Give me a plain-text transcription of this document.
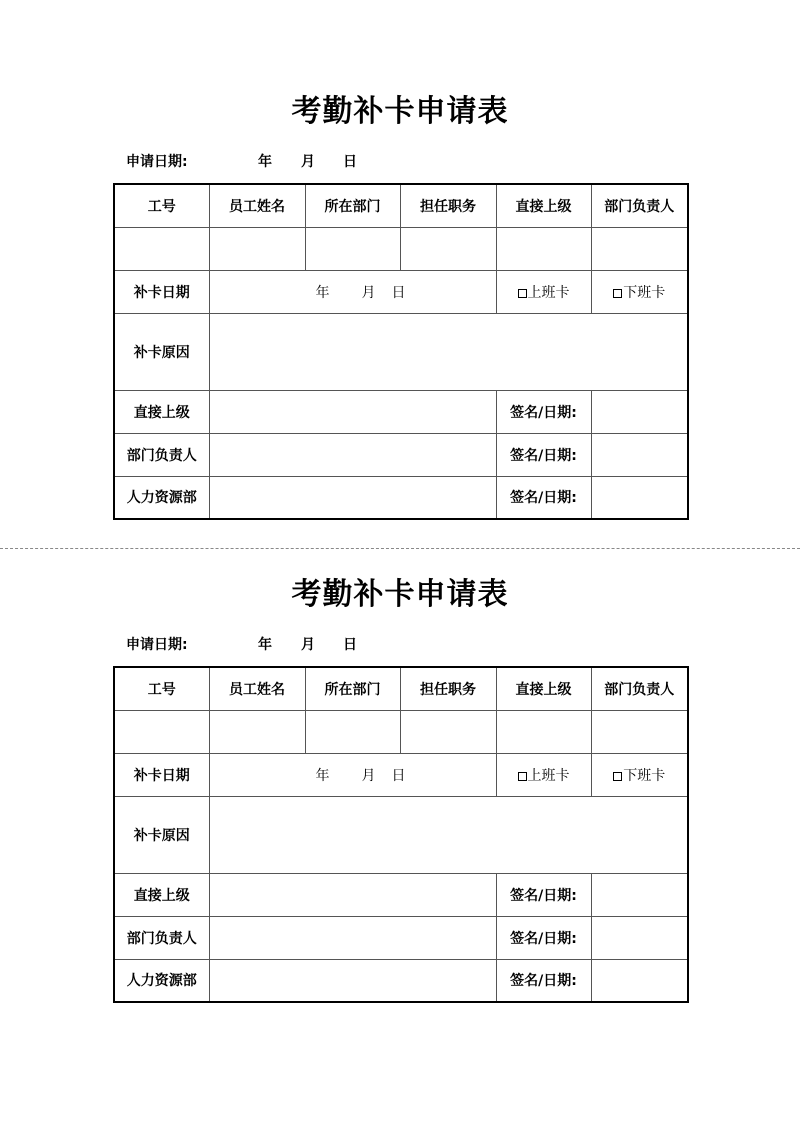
考勤补卡申请表
申请日期:	年 月 日
工号	员工姓名	所在部门	担任职务	直接上级	部门负责人

补卡日期	年 月 日			上班卡	下班卡
补卡原因					
直接上级				签名/日期:	
部门负责人				签名/日期:	
人力资源部				签名/日期:	
考勤补卡申请表
申请日期:	年 月 日
工号	员工姓名	所在部门	担任职务	直接上级	部门负责人

补卡日期	年 月 日			上班卡	下班卡
补卡原因					
直接上级				签名/日期:	
部门负责人				签名/日期:	
人力资源部				签名/日期:	
